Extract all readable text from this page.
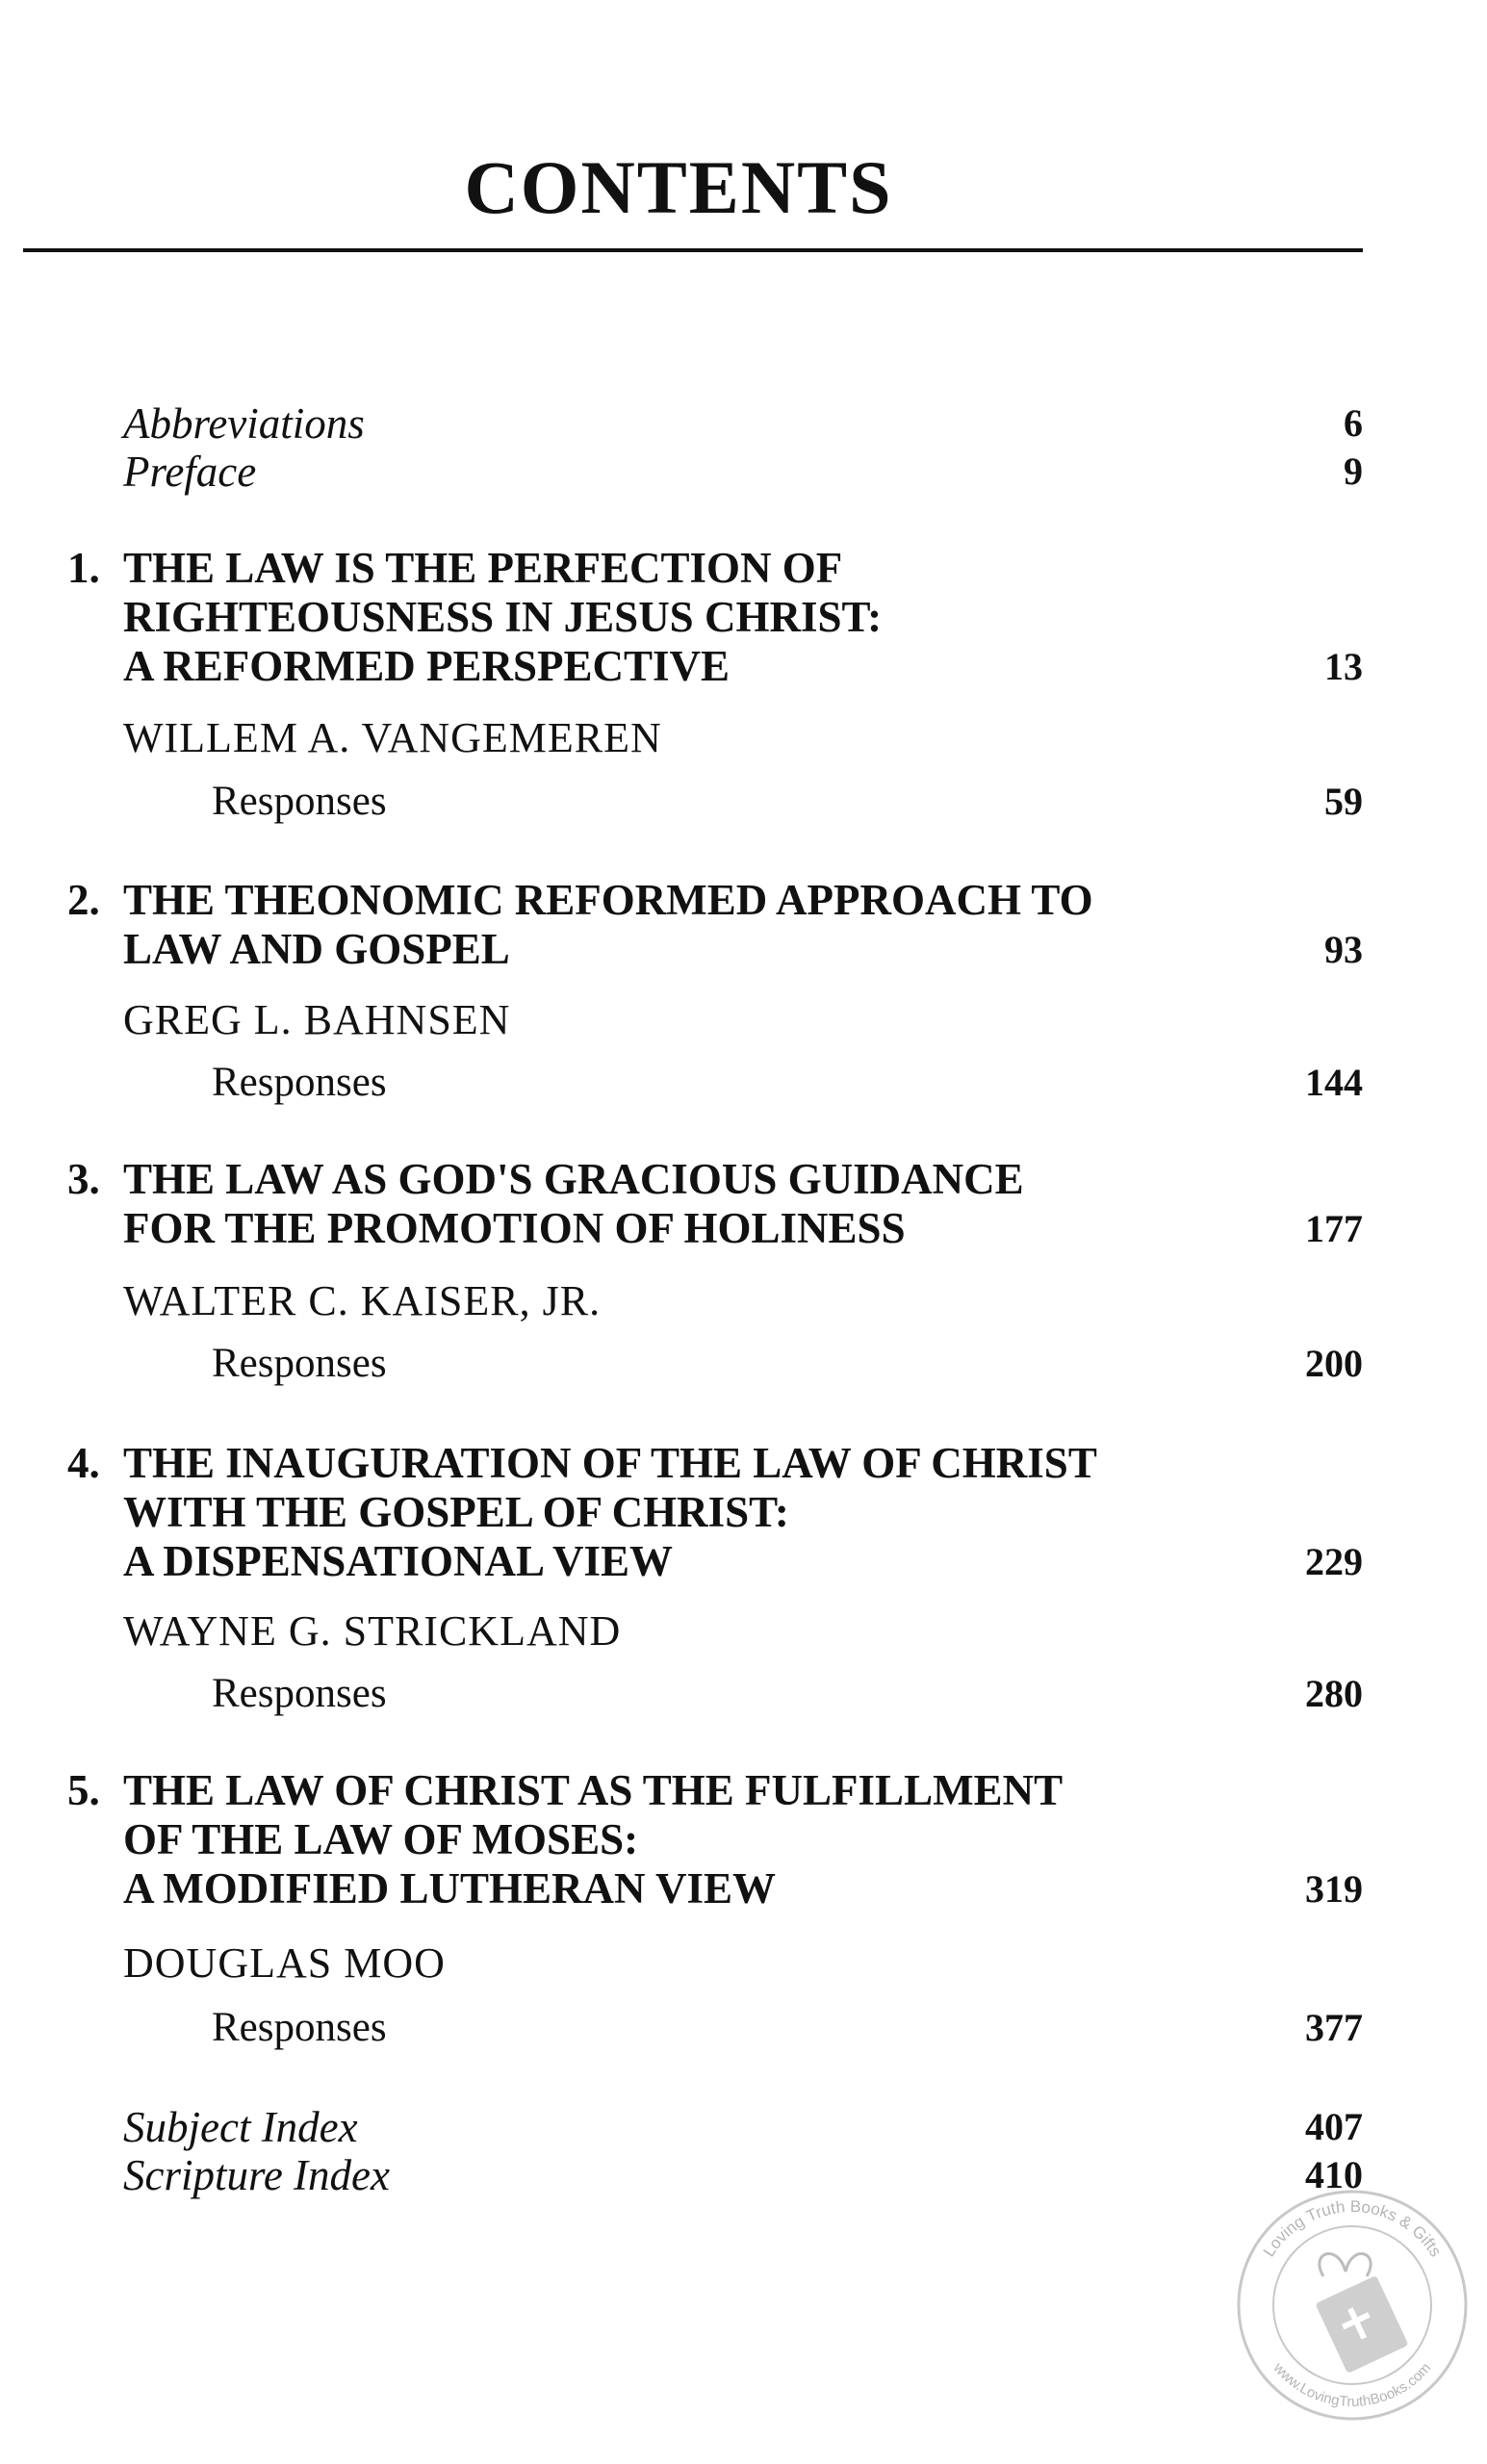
CONTENTS
Abbreviations	6
Preface	9
1. THE LAW IS THE PERFECTION OF
RIGHTEOUSNESS IN JESUS CHRIST:
A REFORMED PERSPECTIVE	13
WILLEM A. VANGEMEREN
Responses	59
2. THE THEONOMIC REFORMED APPROACH TO
LAW AND GOSPEL	93
GREG L. BAHNSEN
Responses	144
3. THE LAW AS GOD'S GRACIOUS GUIDANCE
FOR THE PROMOTION OF HOLINESS	177
WALTER C. KAISER, JR.
Responses	200
4. THE INAUGURATION OF THE LAW OF CHRIST
WITH THE GOSPEL OF CHRIST:
A DISPENSATIONAL VIEW	229
WAYNE G. STRICKLAND
Responses	280
5. THE LAW OF CHRIST AS THE FULFILLMENT
OF THE LAW OF MOSES:
A MODIFIED LUTHERAN VIEW	319
DOUGLAS MOO
Responses	377
Subject Index	407
Scripture Index	410
Loving Truth Books & Gifts
www.LovingTruthBooks.com
